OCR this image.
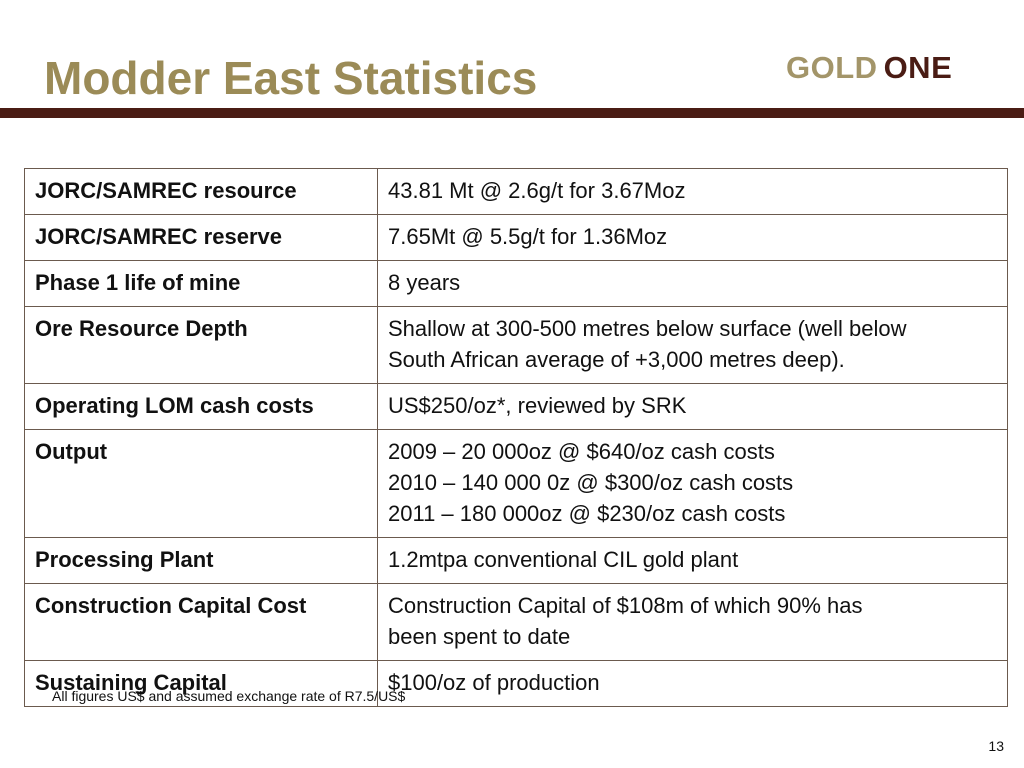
Modder East Statistics	GOLD ONE
JORC/SAMREC resource	43.81 Mt @ 2.6g/t for 3.67Moz

JORC/SAMREC reserve	7.65Mt @ 5.5g/t for 1.36Moz

Phase 1 life of mine	8 years

Ore Resource Depth	Shallow at 300-500 metres below surface (well below
South African average of +3,000 metres deep).

Operating LOM cash costs	US$250/oz*, reviewed by SRK

Output	2009 – 20 000oz @ $640/oz cash costs
2010 – 140 000 0z @ $300/oz cash costs
2011 – 180 000oz @ $230/oz cash costs

Processing Plant	1.2mtpa conventional CIL gold plant

Construction Capital Cost	Construction Capital of $108m of which 90% has
been spent to date

Sustaining Capital	$100/oz of production
All figures US$ and assumed exchange rate of R7.5/US$
13
